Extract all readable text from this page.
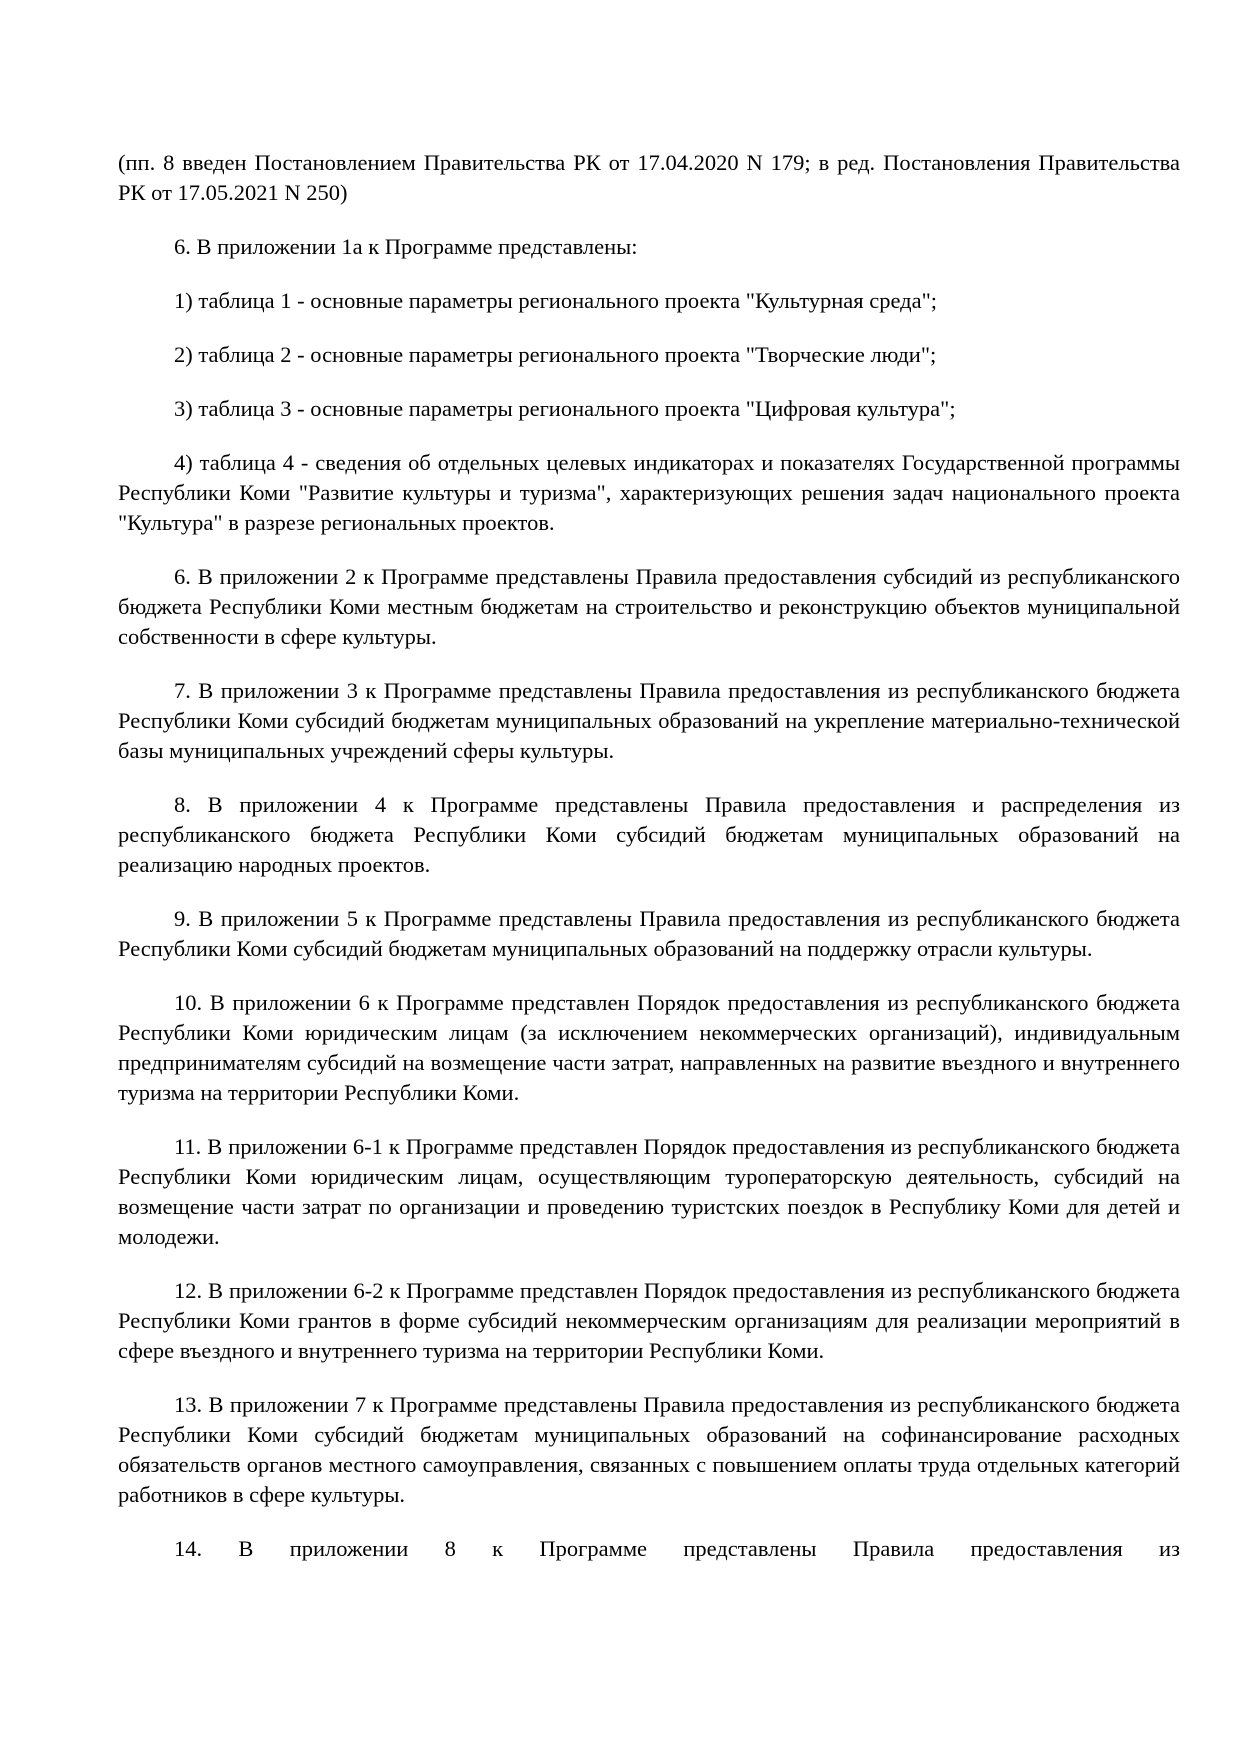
(пп. 8 введен Постановлением Правительства РК от 17.04.2020 N 179; в ред. Постановления Правительства РК от 17.05.2021 N 250)

6. В приложении 1а к Программе представлены:

1) таблица 1 - основные параметры регионального проекта "Культурная среда";

2) таблица 2 - основные параметры регионального проекта "Творческие люди";

3) таблица 3 - основные параметры регионального проекта "Цифровая культура";

4) таблица 4 - сведения об отдельных целевых индикаторах и показателях Государственной программы Республики Коми "Развитие культуры и туризма", характеризующих решения задач национального проекта "Культура" в разрезе региональных проектов.

6. В приложении 2 к Программе представлены Правила предоставления субсидий из республиканского бюджета Республики Коми местным бюджетам на строительство и реконструкцию объектов муниципальной собственности в сфере культуры.

7. В приложении 3 к Программе представлены Правила предоставления из республиканского бюджета Республики Коми субсидий бюджетам муниципальных образований на укрепление материально-технической базы муниципальных учреждений сферы культуры.

8. В приложении 4 к Программе представлены Правила предоставления и распределения из республиканского бюджета Республики Коми субсидий бюджетам муниципальных образований на реализацию народных проектов.

9. В приложении 5 к Программе представлены Правила предоставления из республиканского бюджета Республики Коми субсидий бюджетам муниципальных образований на поддержку отрасли культуры.

10. В приложении 6 к Программе представлен Порядок предоставления из республиканского бюджета Республики Коми юридическим лицам (за исключением некоммерческих организаций), индивидуальным предпринимателям субсидий на возмещение части затрат, направленных на развитие въездного и внутреннего туризма на территории Республики Коми.

11. В приложении 6-1 к Программе представлен Порядок предоставления из республиканского бюджета Республики Коми юридическим лицам, осуществляющим туроператорскую деятельность, субсидий на возмещение части затрат по организации и проведению туристских поездок в Республику Коми для детей и молодежи.

12. В приложении 6-2 к Программе представлен Порядок предоставления из республиканского бюджета Республики Коми грантов в форме субсидий некоммерческим организациям для реализации мероприятий в сфере въездного и внутреннего туризма на территории Республики Коми.

13. В приложении 7 к Программе представлены Правила предоставления из республиканского бюджета Республики Коми субсидий бюджетам муниципальных образований на софинансирование расходных обязательств органов местного самоуправления, связанных с повышением оплаты труда отдельных категорий работников в сфере культуры.

14. В приложении 8 к Программе представлены Правила предоставления из
